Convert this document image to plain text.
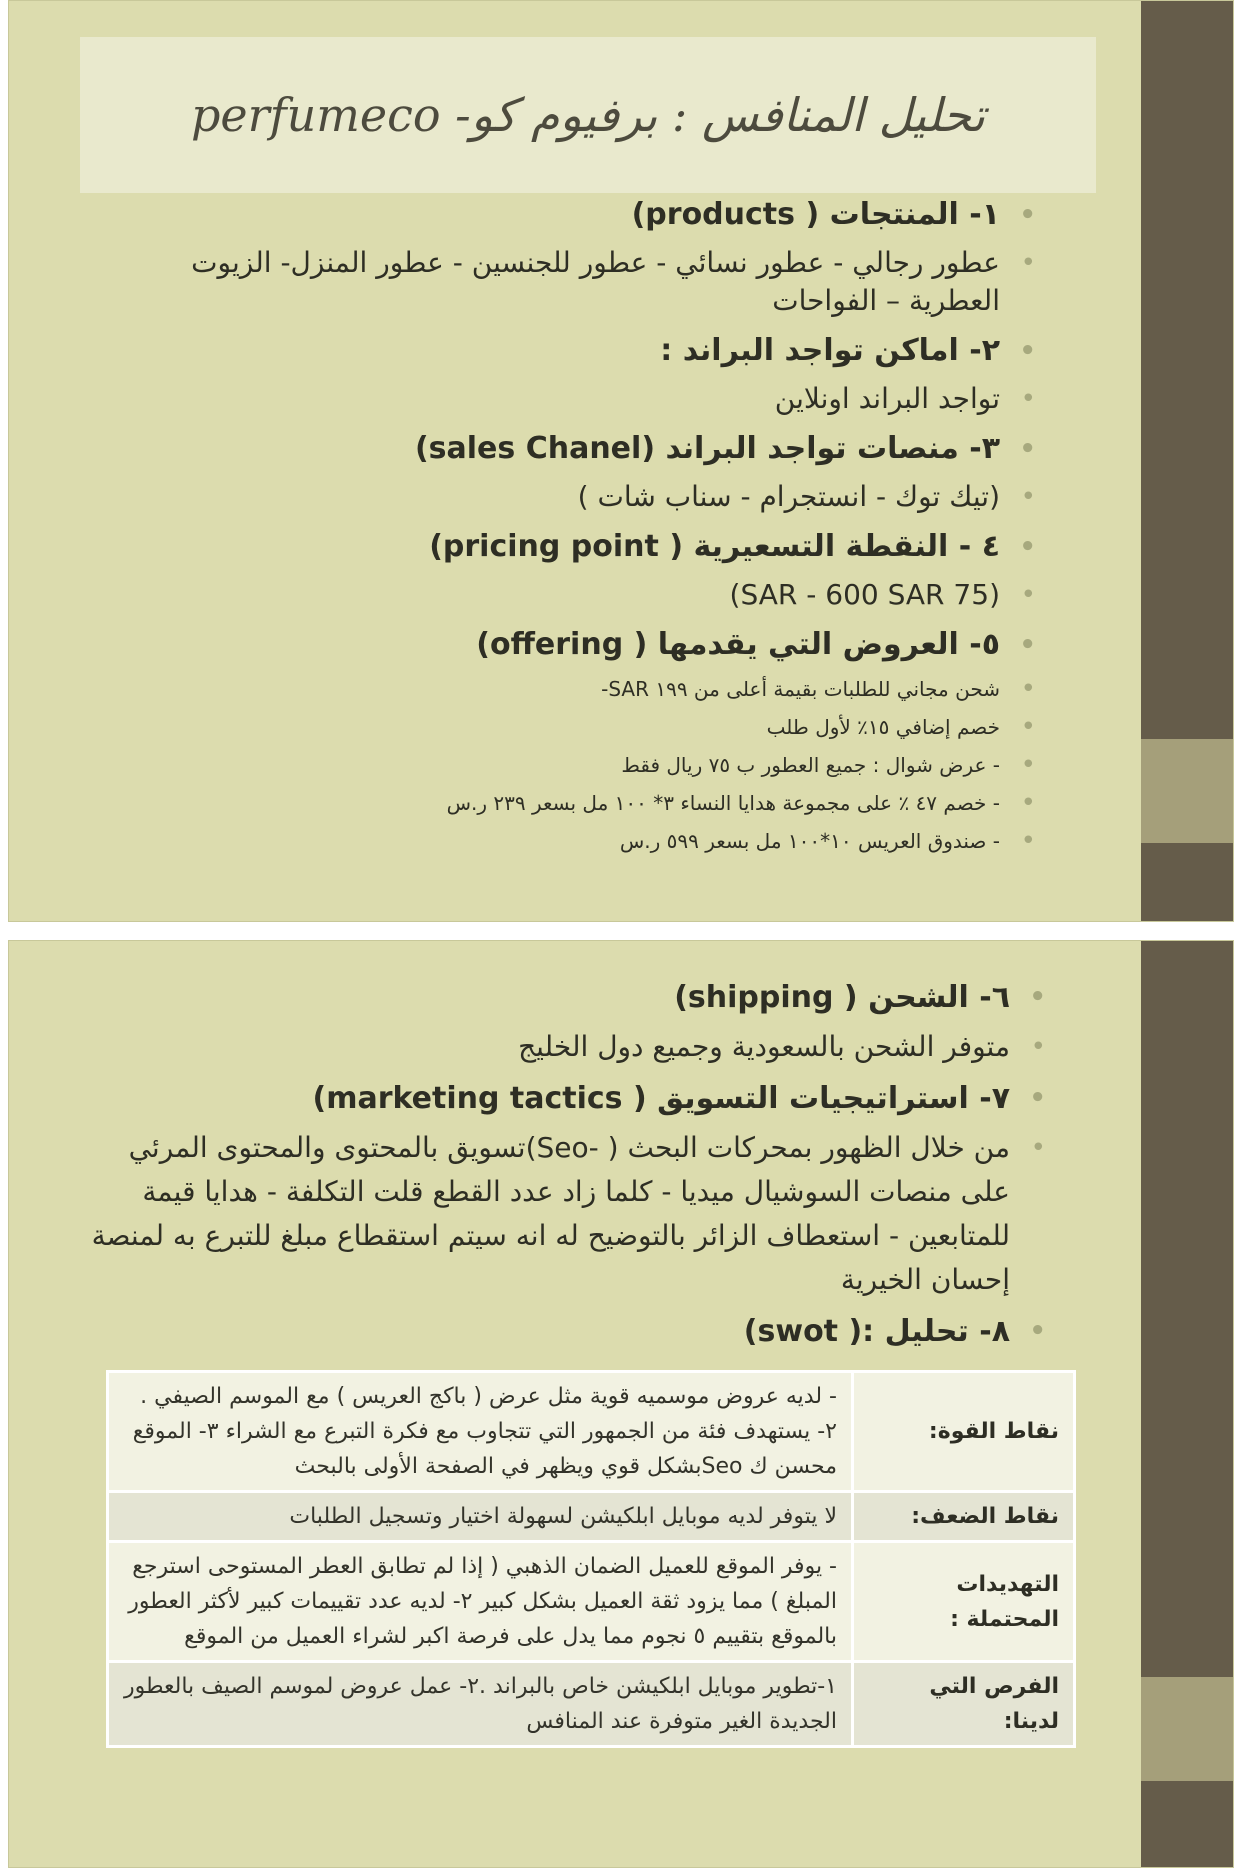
تحليل المنافس : برفيوم كو- perfumeco
• ١- المنتجات ( products)
• عطور رجالي - عطور نسائي - عطور للجنسين - عطور المنزل- الزيوت العطرية – الفواحات
• ٢- اماكن تواجد البراند :
• تواجد البراند اونلاين
• ٣- منصات تواجد البراند (sales Chanel)
• (تيك توك - انستجرام - سناب شات )
• ٤ - النقطة التسعيرية ( pricing point)
• (75 SAR - 600 SAR)
• ٥- العروض التي يقدمها ( offering)
• شحن مجاني للطلبات بقيمة أعلى من ١٩٩ SAR-
• خصم إضافي ١٥٪ لأول طلب
• - عرض شوال : جميع العطور ب ٧٥ ريال فقط
• - خصم ٤٧ ٪ على مجموعة هدايا النساء ٣* ١٠٠ مل بسعر ٢٣٩ ر.س
• - صندوق العريس ١٠*١٠٠ مل بسعر ٥٩٩ ر.س
• ٦- الشحن ( shipping)
• متوفر الشحن بالسعودية وجميع دول الخليج
• ٧- استراتيجيات التسويق ( marketing tactics)
• من خلال الظهور بمحركات البحث ( -Seo)تسويق بالمحتوى والمحتوى المرئي على منصات السوشيال ميديا - كلما زاد عدد القطع قلت التكلفة - هدايا قيمة للمتابعين - استعطاف الزائر بالتوضيح له انه سيتم استقطاع مبلغ للتبرع به لمنصة إحسان الخيرية
• ٨- تحليل :( swot)
نقاط القوة:	- لديه عروض موسميه قوية مثل عرض ( باكج العريس ) مع الموسم الصيفي . ٢- يستهدف فئة من الجمهور التي تتجاوب مع فكرة التبرع مع الشراء ٣- الموقع محسن ك Seoبشكل قوي ويظهر في الصفحة الأولى بالبحث
نقاط الضعف:	لا يتوفر لديه موبايل ابلكيشن لسهولة اختيار وتسجيل الطلبات
التهديدات المحتملة :	- يوفر الموقع للعميل الضمان الذهبي ( إذا لم تطابق العطر المستوحى استرجع المبلغ ) مما يزود ثقة العميل بشكل كبير ٢- لديه عدد تقييمات كبير لأكثر العطور بالموقع بتقييم ٥ نجوم مما يدل على فرصة اكبر لشراء العميل من الموقع
الفرص التي لدينا:	١-تطوير موبايل ابلكيشن خاص بالبراند .٢- عمل عروض لموسم الصيف بالعطور الجديدة الغير متوفرة عند المنافس
